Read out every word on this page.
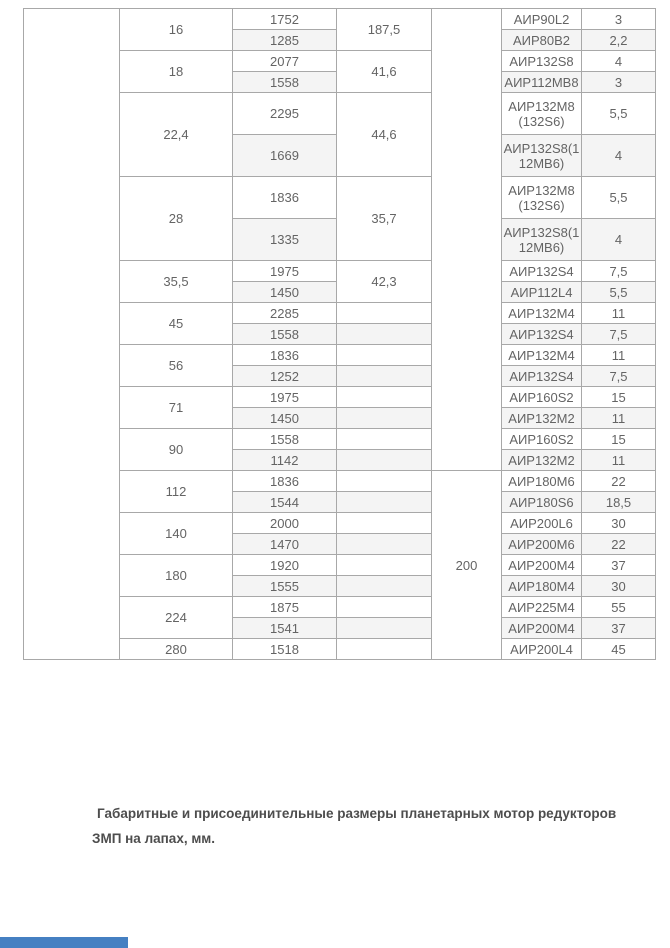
	16	1752	187,5		АИР90L2	3
		1285			АИР80В2	2,2
	18	2077	41,6		АИР132S8	4
		1558			АИР112МВ8	3
	22,4	2295	44,6		АИР132М8(132S6)	5,5
		1669			АИР132S8(112МВ6)	4
	28	1836	35,7		АИР132М8(132S6)	5,5
		1335			АИР132S8(112МВ6)	4
	35,5	1975	42,3		АИР132S4	7,5
		1450			АИР112L4	5,5
	45	2285			АИР132М4	11
		1558			АИР132S4	7,5
	56	1836			АИР132М4	11
		1252			АИР132S4	7,5
	71	1975			АИР160S2	15
		1450			АИР132М2	11
	90	1558			АИР160S2	15
		1142			АИР132М2	11
	112	1836		200	АИР180М6	22
		1544			АИР180S6	18,5
	140	2000			АИР200L6	30
		1470			АИР200М6	22
	180	1920			АИР200М4	37
		1555			АИР180М4	30
	224	1875			АИР225М4	55
		1541			АИР200М4	37
	280	1518			АИР200L4	45

Габаритные и присоединительные размеры планетарных мотор редукторов
ЗМП на лапах, мм.
